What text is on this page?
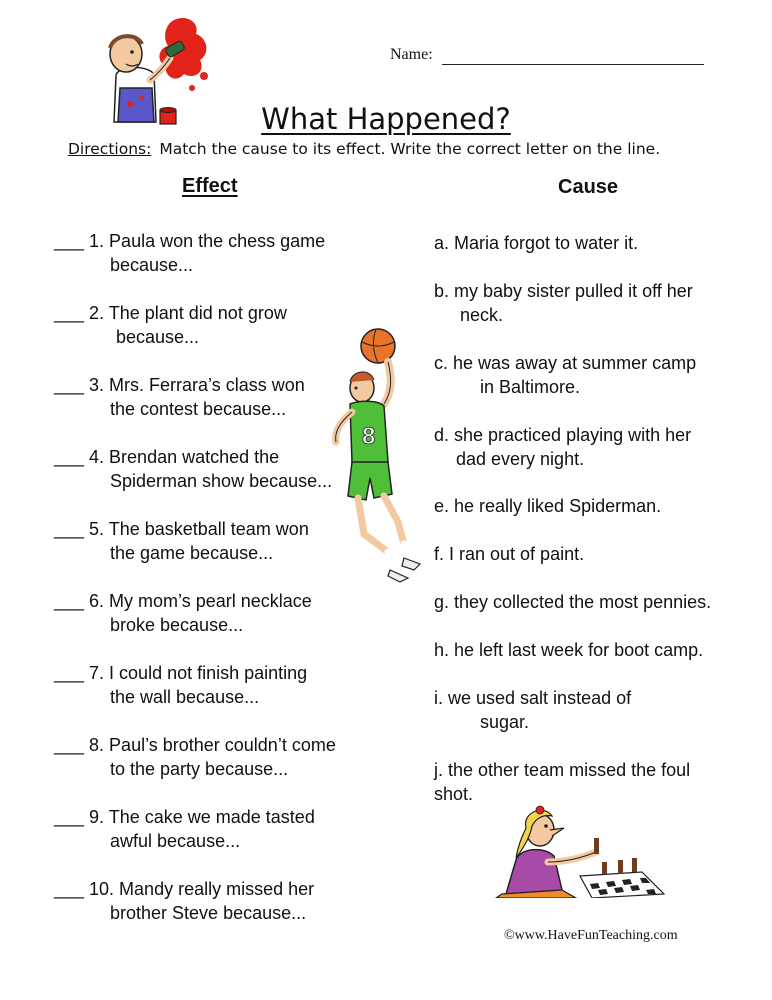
Name:
What Happened?
Directions: Match the cause to its effect. Write the correct letter on the line.
Effect	Cause
___ 1. Paula won the chess game
because...
___ 2. The plant did not grow
because...
___ 3. Mrs. Ferrara’s class won
the contest because...
___ 4. Brendan watched the
Spiderman show because...
___ 5. The basketball team won
the game because...
___ 6. My mom’s pearl necklace
broke because...
___ 7. I could not finish painting
the wall because...
___ 8. Paul’s brother couldn’t come
to the party because...
___ 9. The cake we made tasted
awful because...
___ 10. Mandy really missed her
brother Steve because...
a. Maria forgot to water it.
b. my baby sister pulled it off her
neck.
c. he was away at summer camp
in Baltimore.
d. she practiced playing with her
dad every night.
e. he really liked Spiderman.
f. I ran out of paint.
g. they collected the most pennies.
h. he left last week for boot camp.
i. we used salt instead of
sugar.
j. the other team missed the foul
shot.
8
©www.HaveFunTeaching.com
